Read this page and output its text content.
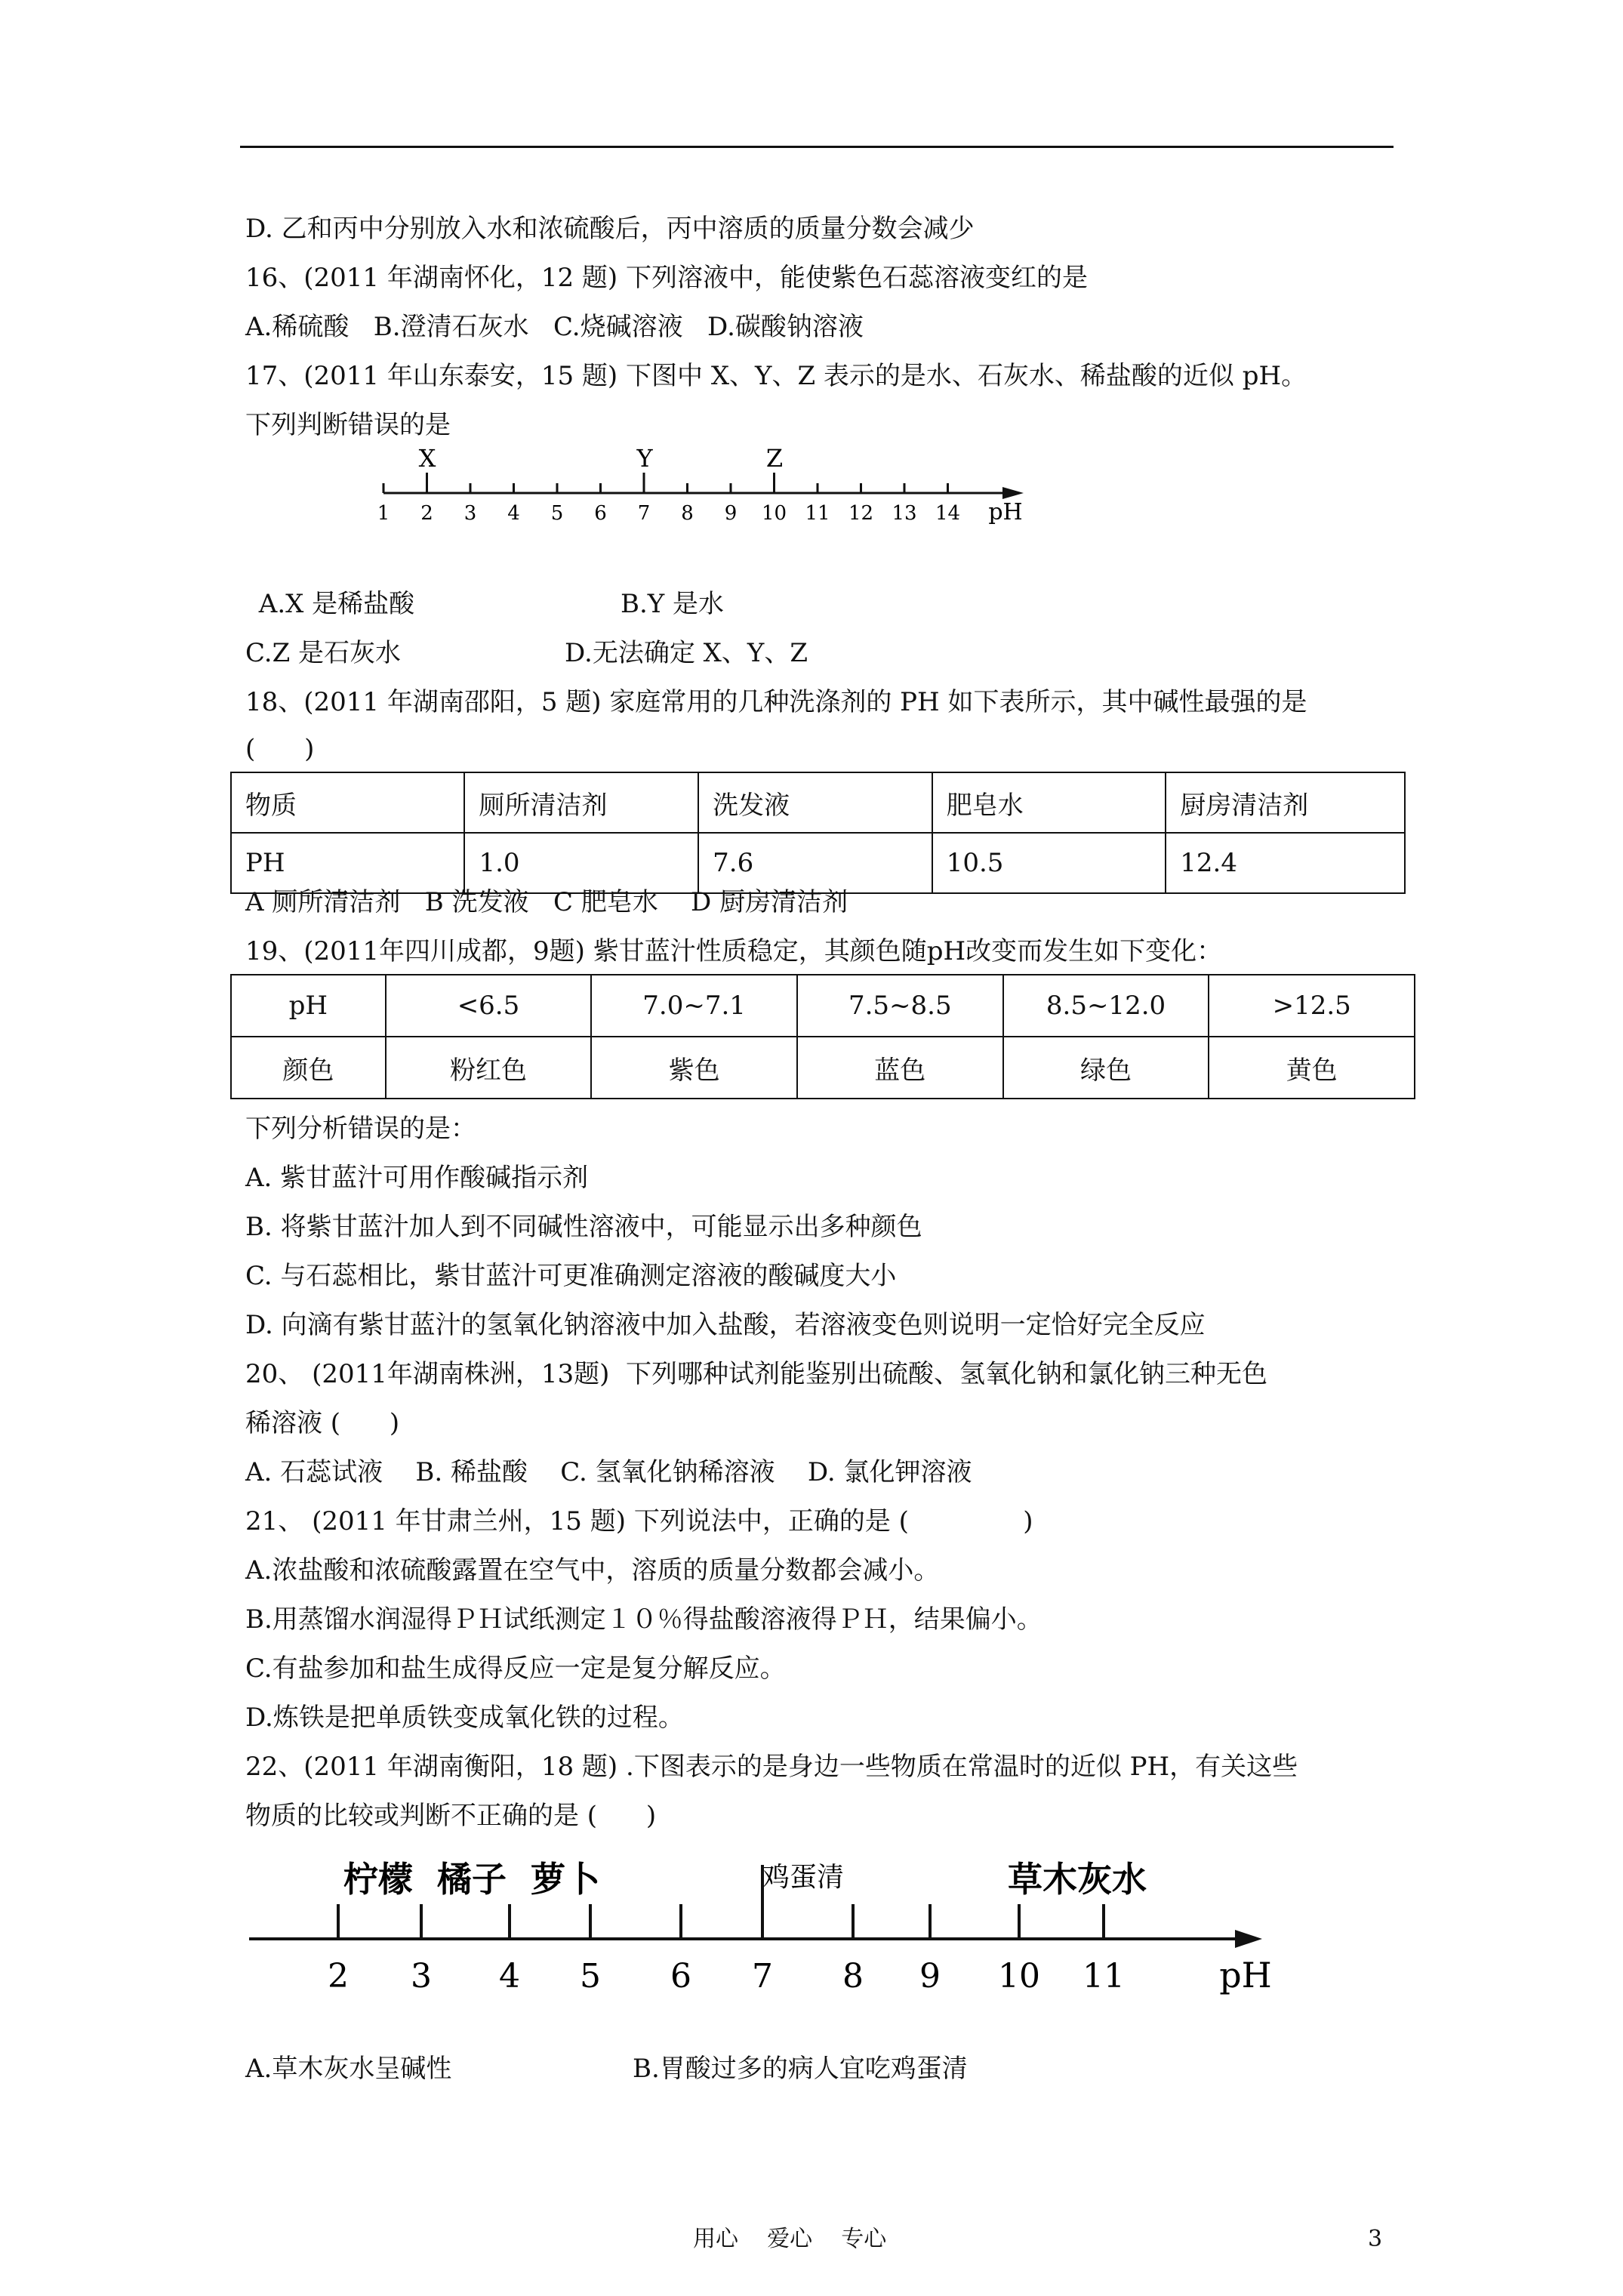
D. 乙和丙中分别放入水和浓硫酸后，丙中溶质的质量分数会减少
16、(2011 年湖南怀化，12 题) 下列溶液中，能使紫色石蕊溶液变红的是
A.稀硫酸   B.澄清石灰水   C.烧碱溶液   D.碳酸钠溶液
17、(2011 年山东泰安，15 题) 下图中 X、Y、Z 表示的是水、石灰水、稀盐酸的近似 pH。
下列判断错误的是
1 2 3 4 5 6 7 8 9 10 11 12 13 14
X	Y	Z
pH
A.X 是稀盐酸	B.Y 是水
C.Z 是石灰水	D.无法确定 X、Y、Z
18、(2011 年湖南邵阳，5 题) 家庭常用的几种洗涤剂的 PH 如下表所示，其中碱性最强的是
(      )
物质	厕所清洁剂	洗发液	肥皂水	厨房清洁剂
PH	1.0	7.6	10.5	12.4
A 厕所清洁剂   B 洗发液   C 肥皂水    D 厨房清洁剂
19、(2011年四川成都，9题) 紫甘蓝汁性质稳定，其颜色随pH改变而发生如下变化：
pH	<6.5	7.0~7.1	7.5~8.5	8.5~12.0	>12.5
颜色	粉红色	紫色	蓝色	绿色	黄色
下列分析错误的是：
A. 紫甘蓝汁可用作酸碱指示剂
B. 将紫甘蓝汁加人到不同碱性溶液中，可能显示出多种颜色
C. 与石蕊相比，紫甘蓝汁可更准确测定溶液的酸碱度大小
D. 向滴有紫甘蓝汁的氢氧化钠溶液中加入盐酸，若溶液变色则说明一定恰好完全反应
20、 (2011年湖南株洲，13题)  下列哪种试剂能鉴别出硫酸、氢氧化钠和氯化钠三种无色
稀溶液 (      )
A. 石蕊试液    B. 稀盐酸    C. 氢氧化钠稀溶液    D. 氯化钾溶液
21、 (2011 年甘肃兰州，15 题) 下列说法中，正确的是 (              )
A.浓盐酸和浓硫酸露置在空气中，溶质的质量分数都会减小。
B.用蒸馏水润湿得ＰＨ试纸测定１０％得盐酸溶液得ＰＨ，结果偏小。
C.有盐参加和盐生成得反应一定是复分解反应。
D.炼铁是把单质铁变成氧化铁的过程。
22、(2011 年湖南衡阳，18 题) .下图表示的是身边一些物质在常温时的近似 PH，有关这些
物质的比较或判断不正确的是 (      )
柠檬  橘子  萝卜	鸡蛋清	草木灰水
2 3 4 5 6 7 8 9 10 11	pH
A.草木灰水呈碱性	B.胃酸过多的病人宜吃鸡蛋清
用心    爱心    专心	3
